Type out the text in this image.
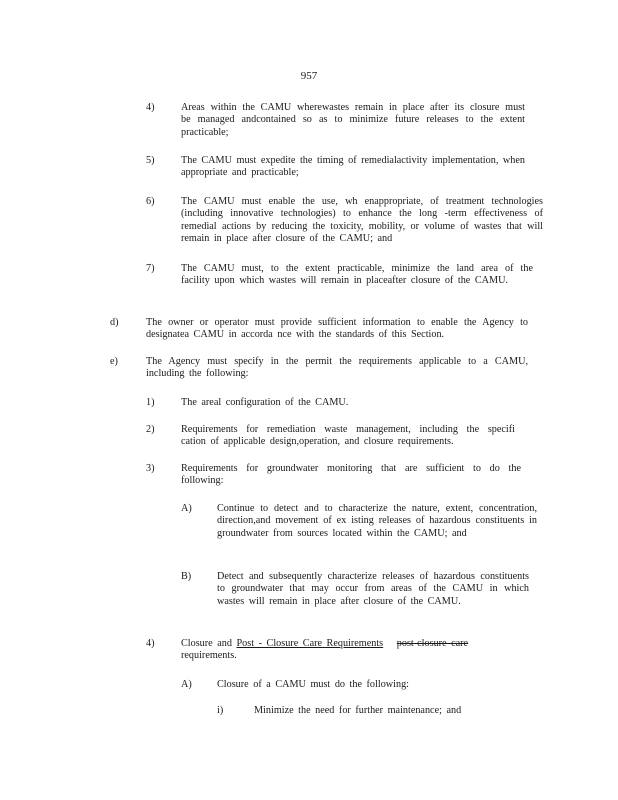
957
4)	Areas within the CAMU wherewastes remain in place after its closure must be managed andcontained so as to minimize future releases to the extent practicable;
5)	The CAMU must expedite the timing of remedialactivity implementation, when appropriate and practicable;
6)	The CAMU must enable the use, wh enappropriate, of treatment technologies (including innovative technologies) to enhance the long -term effectiveness of remedial actions by reducing the toxicity, mobility, or volume of wastes that will remain in place after closure of the CAMU; and
7)	The CAMU must, to the extent practicable, minimize the land area of the facility upon which wastes will remain in placeafter closure of the CAMU.
d)	The owner or operator must provide sufficient information to enable the Agency to designatea CAMU in accorda nce with the standards of this Section.
e)	The Agency must specify in the permit the requirements applicable to a CAMU, including the following:
1)	The areal configuration of the CAMU.
2)	Requirements for remediation waste management, including the specifi cation of applicable design,operation, and closure requirements.
3)	Requirements for groundwater monitoring that are sufficient to do the following:
A) Continue to detect and to characterize the nature, extent, concentration, direction,and movement of ex isting releases of hazardous constituents in groundwater from sources located within the CAMU; and
B)	Detect and subsequently characterize releases of hazardous constituents to groundwater that may occur from areas of the CAMU in which wastes will remain in place after closure of the CAMU.
4)	Closure and Post - Closure Care Requirements post-closure care
requirements.
A) Closure of a CAMU must do the following:
i)	Minimize the need for further maintenance; and
